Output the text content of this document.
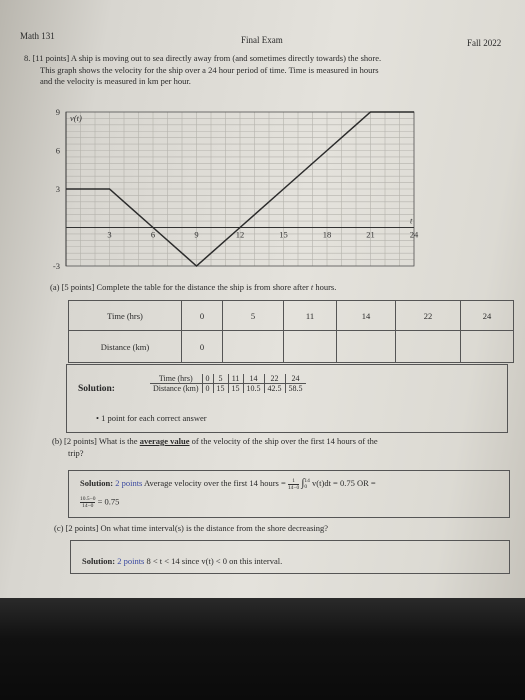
Math 131	Final Exam	Fall 2022
8. [11 points] A ship is moving out to sea directly away from (and sometimes directly towards) the shore.
This graph shows the velocity for the ship over a 24 hour period of time. Time is measured in hours
and the velocity is measured in km per hour.
9
6
3
-3
3	6	9	12	15	18	21	24
v(t)
t
(a) [5 points] Complete the table for the distance the ship is from shore after t hours.
Time (hrs)	0	5	11	14	22	24
Distance (km)	0					
Solution:
Time (hrs)	0	5	11	14	22	24
Distance (km)	0	15	15	10.5	42.5	58.5
• 1 point for each correct answer
(b) [2 points] What is the average value of the velocity of the ship over the first 14 hours of the
trip?
Solution: 2 points Average velocity over the first 14 hours = $\frac{1}{14-0}$ ∫ 14
0 v(t)dt = 0.75 OR =
$\frac{10.5-0}{14-0} = 0.75$
(c) [2 points] On what time interval(s) is the distance from the shore decreasing?
Solution: 2 points 8 < t < 14 since v(t) < 0 on this interval.
